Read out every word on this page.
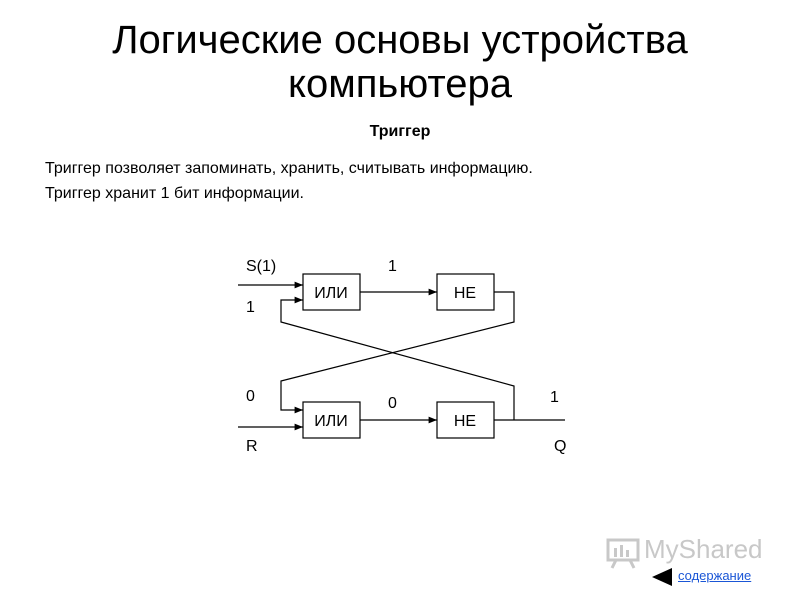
Логические основы устройства
компьютера
Триггер
Триггер позволяет запоминать, хранить, считывать информацию.
Триггер хранит 1 бит информации.
ИЛИ	НЕ
ИЛИ	НЕ
S(1)	1
1
0	0	1
R	Q
MyShared
содержание
